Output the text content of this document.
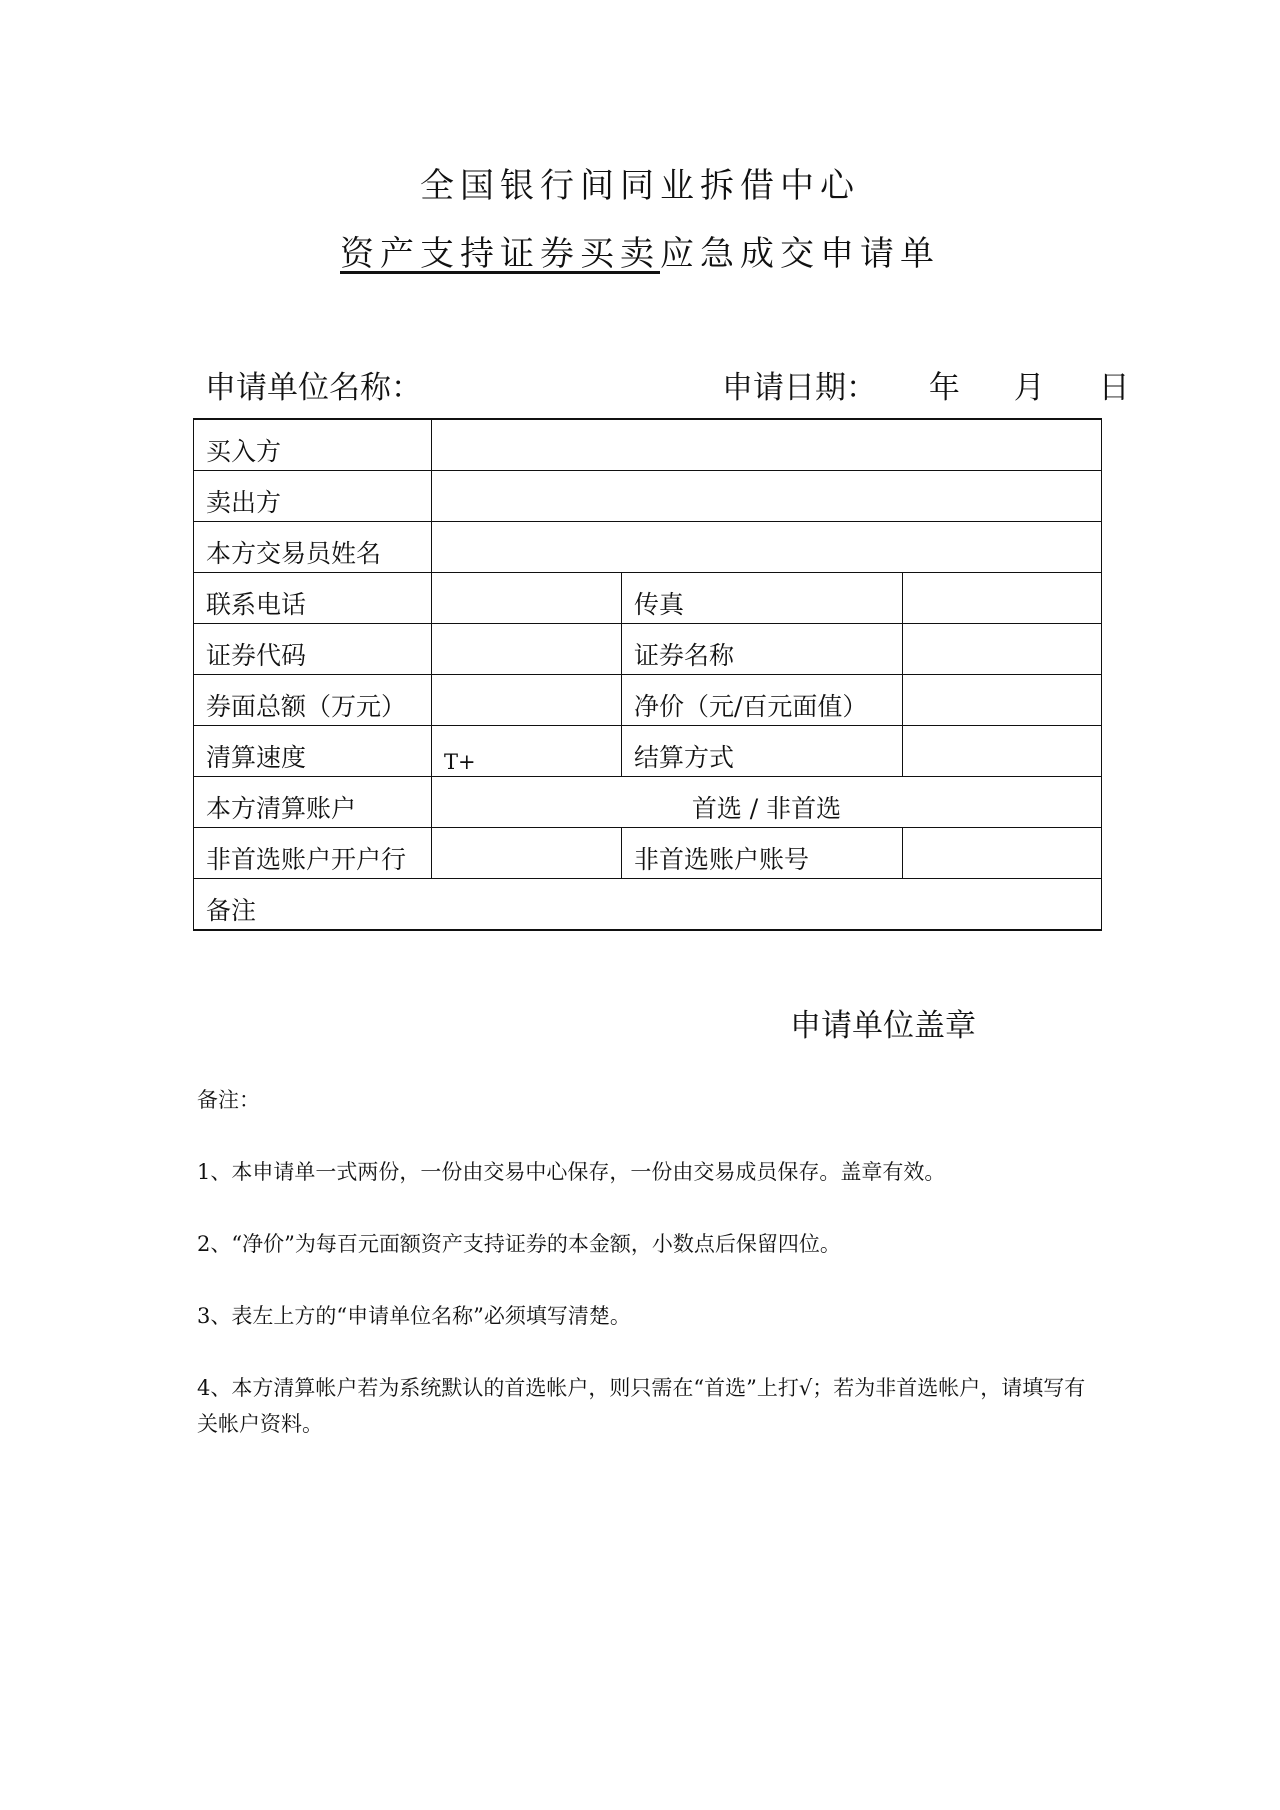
全国银行间同业拆借中心
资产支持证券买卖应急成交申请单
申请单位名称：	申请日期： 年 月 日
买入方			
卖出方			
本方交易员姓名			
联系电话		传真	
证券代码		证券名称	
券面总额（万元）		净价（元/百元面值）	
清算速度	T+	结算方式	
本方清算账户	首选 / 非首选		
非首选账户开户行		非首选账户账号	
备注			
申请单位盖章

备注：

1、本申请单一式两份，一份由交易中心保存，一份由交易成员保存。盖章有效。

2、“净价”为每百元面额资产支持证券的本金额，小数点后保留四位。

3、表左上方的“申请单位名称”必须填写清楚。

4、本方清算帐户若为系统默认的首选帐户，则只需在“首选”上打√；若为非首选帐户，请填写有关帐户资料。
